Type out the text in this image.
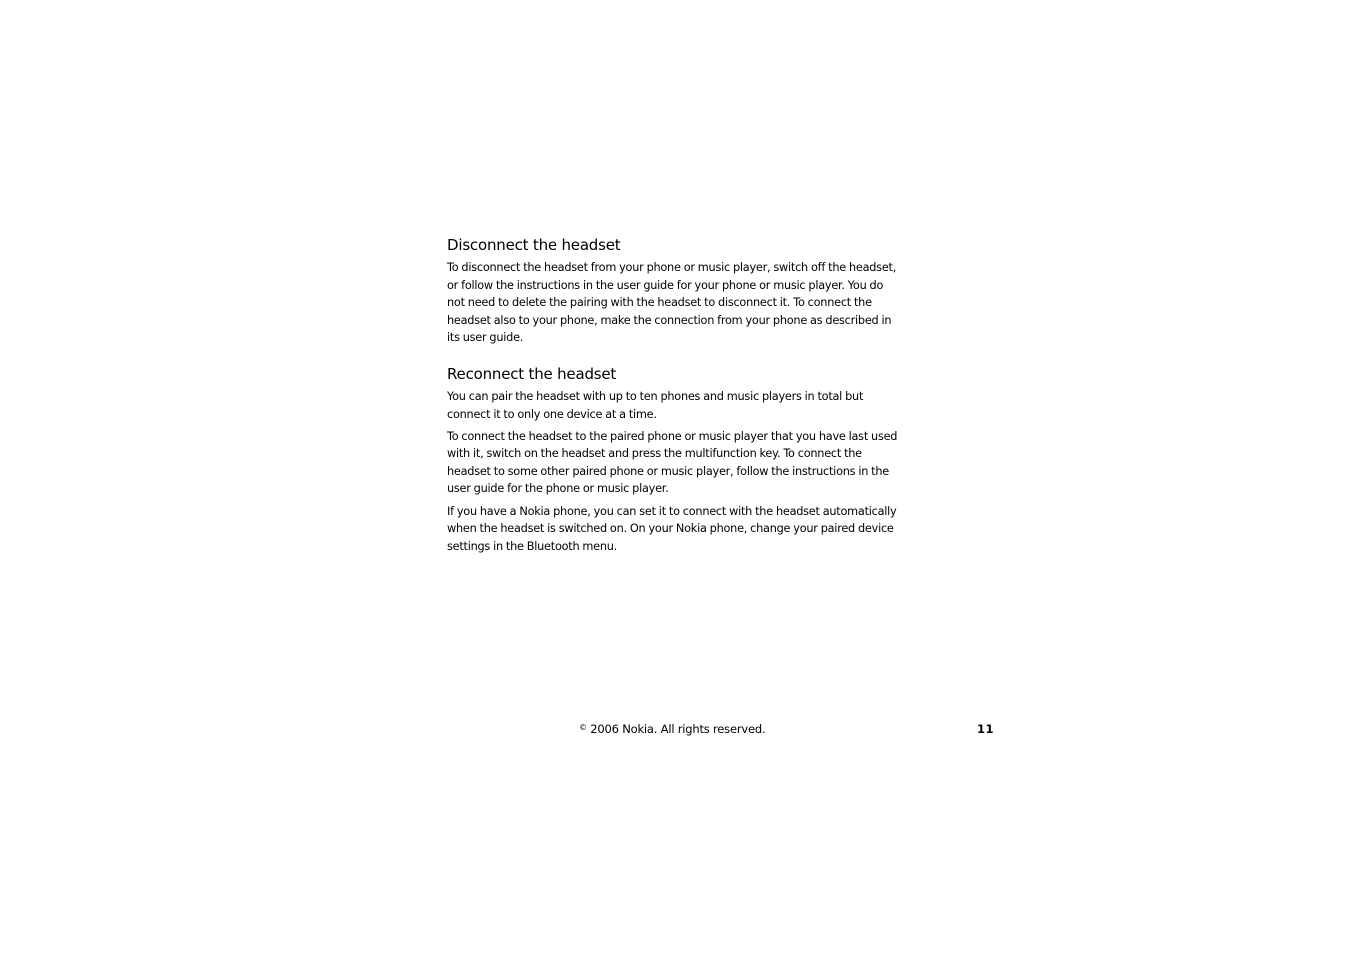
Disconnect the headset

To disconnect the headset from your phone or music player, switch off the headset, or follow the instructions in the user guide for your phone or music player. You do not need to delete the pairing with the headset to disconnect it. To connect the headset also to your phone, make the connection from your phone as described in its user guide.

Reconnect the headset

You can pair the headset with up to ten phones and music players in total but connect it to only one device at a time.

To connect the headset to the paired phone or music player that you have last used with it, switch on the headset and press the multifunction key. To connect the headset to some other paired phone or music player, follow the instructions in the user guide for the phone or music player.

If you have a Nokia phone, you can set it to connect with the headset automatically when the headset is switched on. On your Nokia phone, change your paired device settings in the Bluetooth menu.

© 2006 Nokia. All rights reserved.	11
